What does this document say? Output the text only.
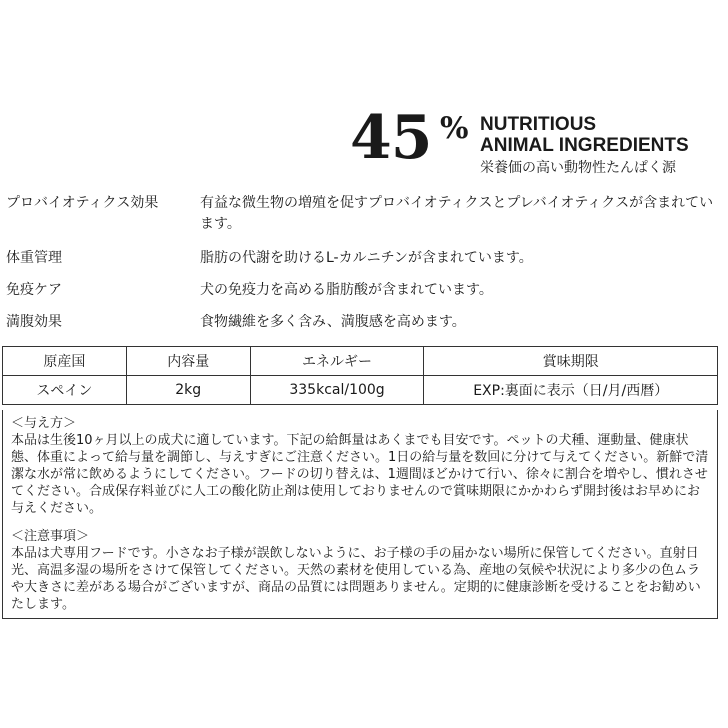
45 % NUTRITIOUS
ANIMAL INGREDIENTS
栄養価の高い動物性たんぱく源
プロバイオティクス効果	有益な微生物の増殖を促すプロバイオティクスとプレバイオティクスが含まれています。
体重管理	脂肪の代謝を助けるL-カルニチンが含まれています。
免疫ケア	犬の免疫力を高める脂肪酸が含まれています。
満腹効果	食物繊維を多く含み、満腹感を高めます。
原産国	内容量	エネルギー	賞味期限
スペイン	2kg	335kcal/100g	EXP:裏面に表示（日/月/西暦）

＜与え方＞

本品は生後10ヶ月以上の成犬に適しています。下記の給餌量はあくまでも目安です。ペットの犬種、運動量、健康状態、体重によって給与量を調節し、与えすぎにご注意ください。1日の給与量を数回に分けて与えてください。新鮮で清潔な水が常に飲めるようにしてください。フードの切り替えは、1週間ほどかけて行い、徐々に割合を増やし、慣れさせてください。合成保存料並びに人工の酸化防止剤は使用しておりませんので賞味期限にかかわらず開封後はお早めにお与えください。

＜注意事項＞

本品は犬専用フードです。小さなお子様が誤飲しないように、お子様の手の届かない場所に保管してください。直射日光、高温多湿の場所をさけて保管してください。天然の素材を使用している為、産地の気候や状況により多少の色ムラや大きさに差がある場合がございますが、商品の品質には問題ありません。定期的に健康診断を受けることをお勧めいたします。
